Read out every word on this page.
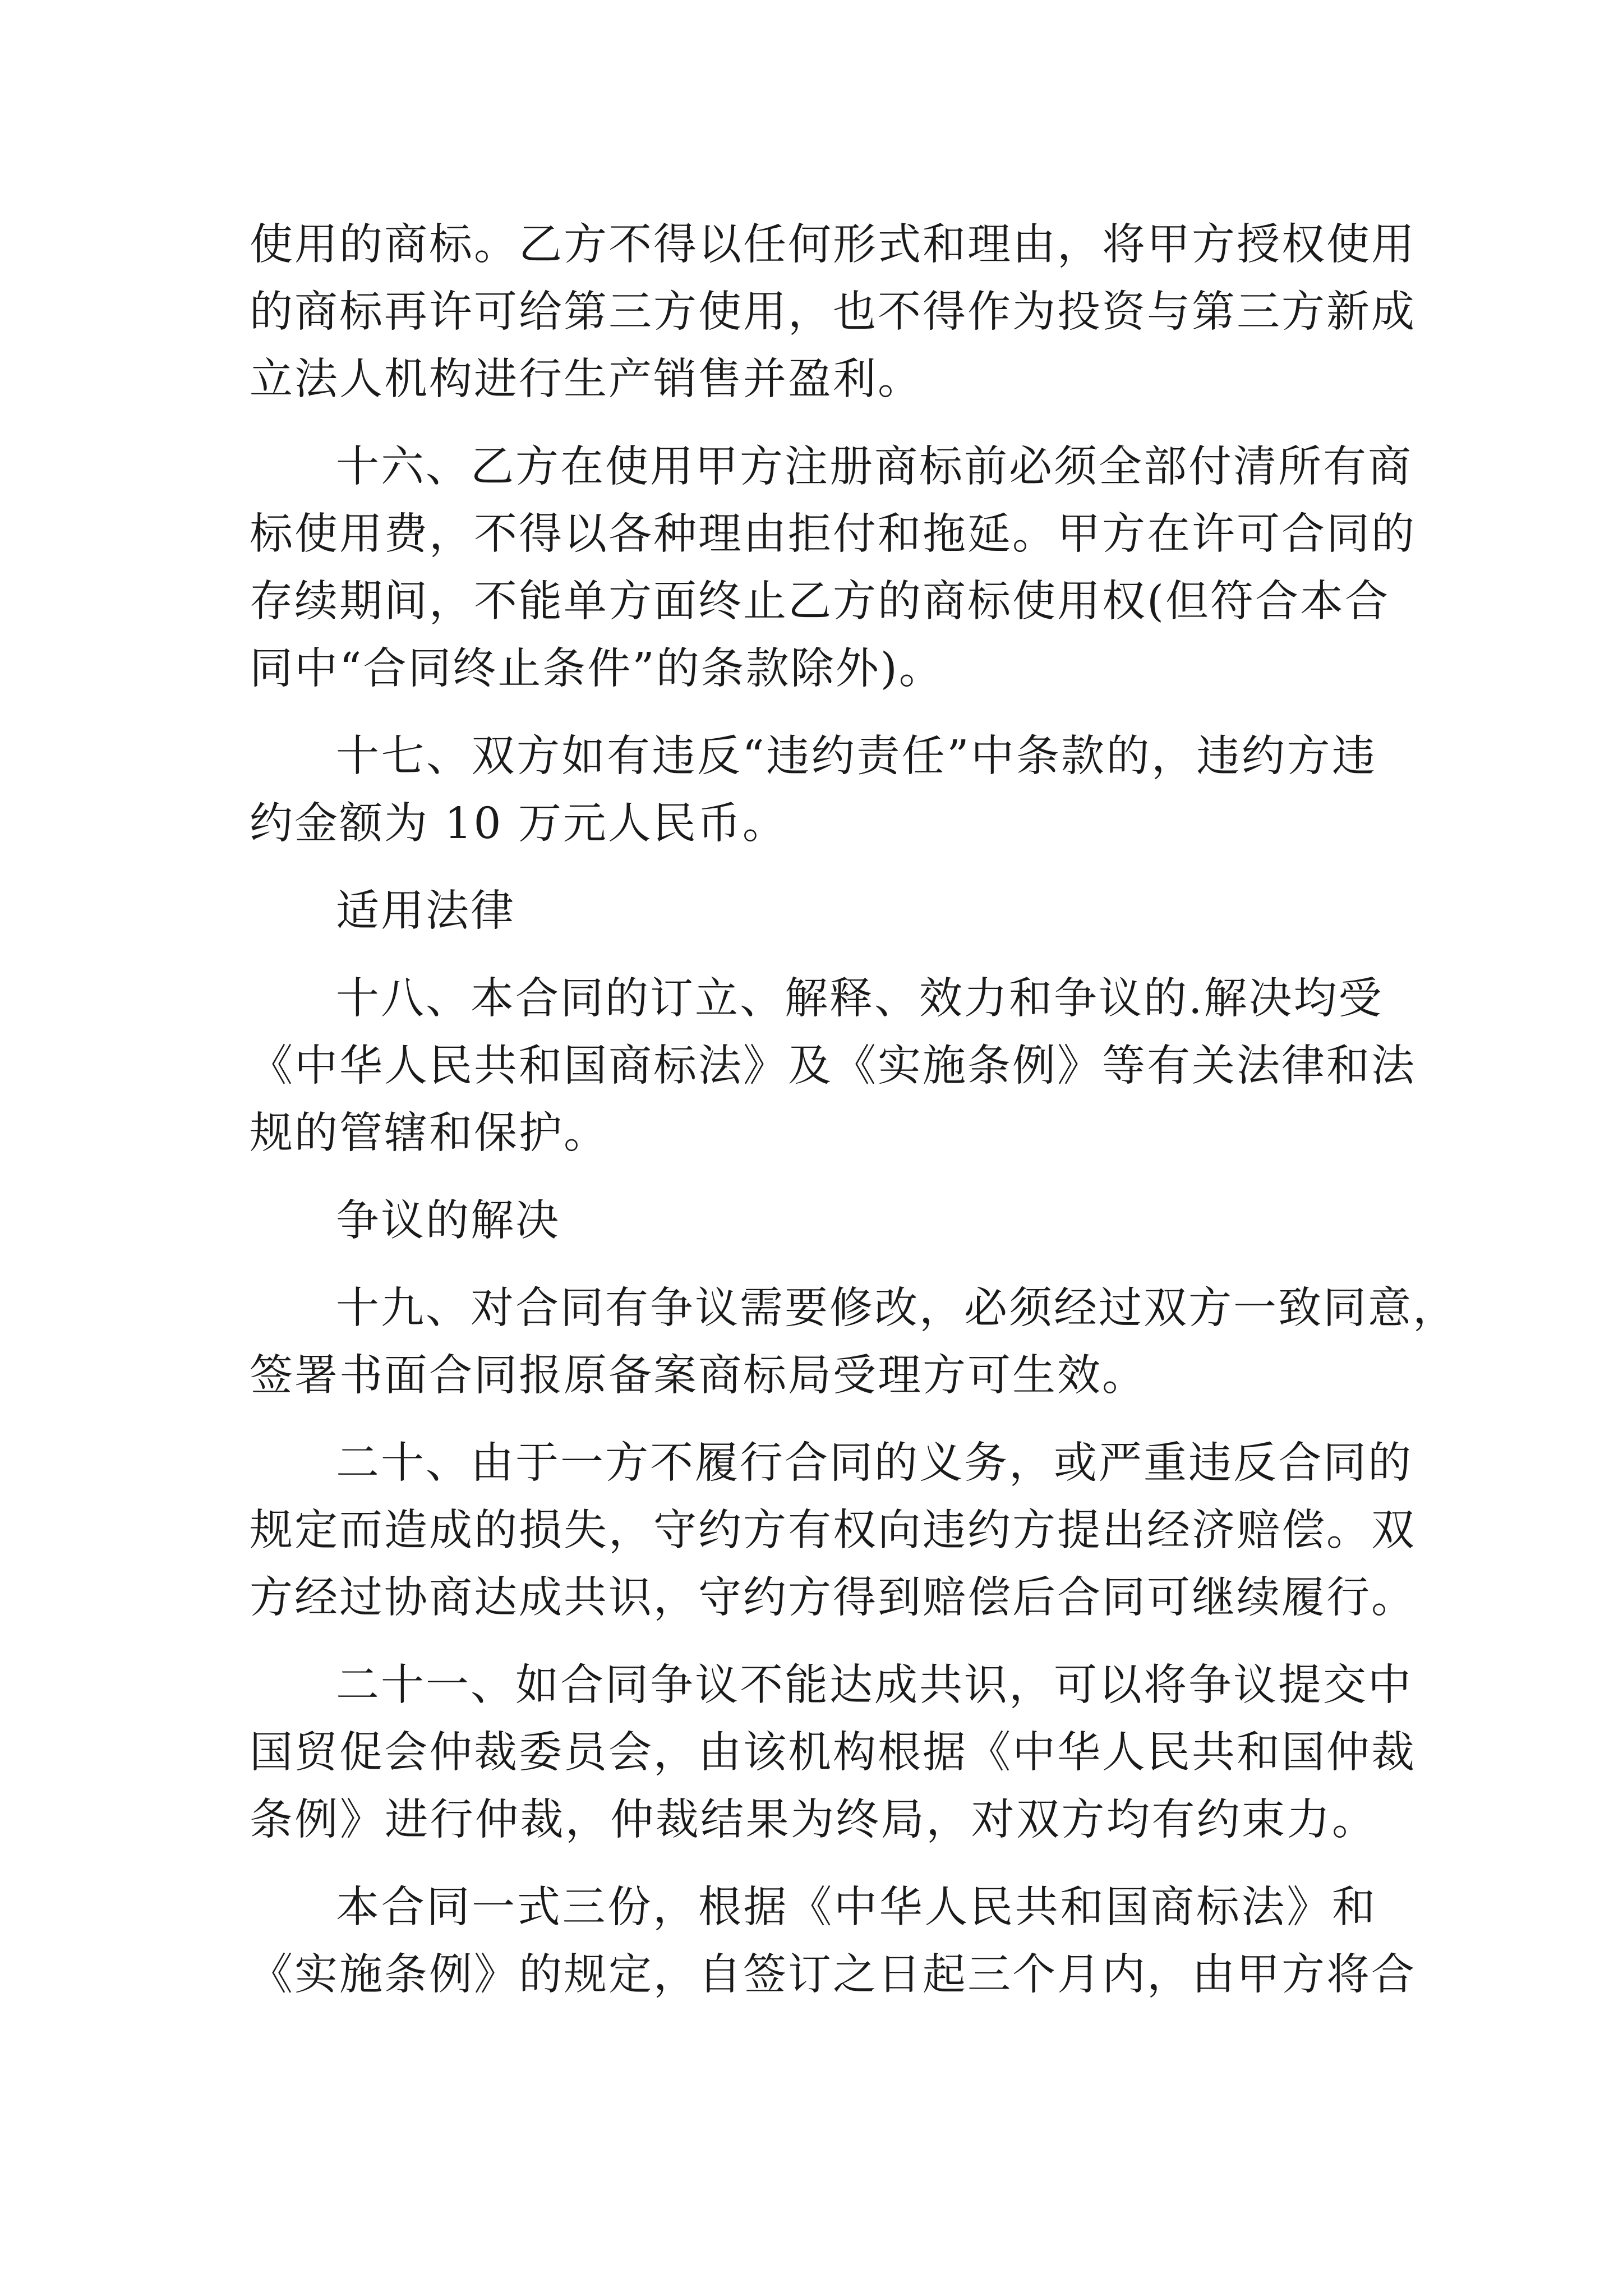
使用的商标。乙方不得以任何形式和理由，将甲方授权使用
的商标再许可给第三方使用，也不得作为投资与第三方新成
立法人机构进行生产销售并盈利。
十六、乙方在使用甲方注册商标前必须全部付清所有商
标使用费，不得以各种理由拒付和拖延。甲方在许可合同的
存续期间，不能单方面终止乙方的商标使用权(但符合本合
同中“合同终止条件”的条款除外)。
十七、双方如有违反“违约责任”中条款的，违约方违
约金额为 10 万元人民币。
适用法律
十八、本合同的订立、解释、效力和争议的.解决均受
《中华人民共和国商标法》及《实施条例》等有关法律和法
规的管辖和保护。
争议的解决
十九、对合同有争议需要修改，必须经过双方一致同意，
签署书面合同报原备案商标局受理方可生效。
二十、由于一方不履行合同的义务，或严重违反合同的
规定而造成的损失，守约方有权向违约方提出经济赔偿。双
方经过协商达成共识，守约方得到赔偿后合同可继续履行。
二十一、如合同争议不能达成共识，可以将争议提交中
国贸促会仲裁委员会，由该机构根据《中华人民共和国仲裁
条例》进行仲裁，仲裁结果为终局，对双方均有约束力。
本合同一式三份，根据《中华人民共和国商标法》和
《实施条例》的规定，自签订之日起三个月内，由甲方将合
